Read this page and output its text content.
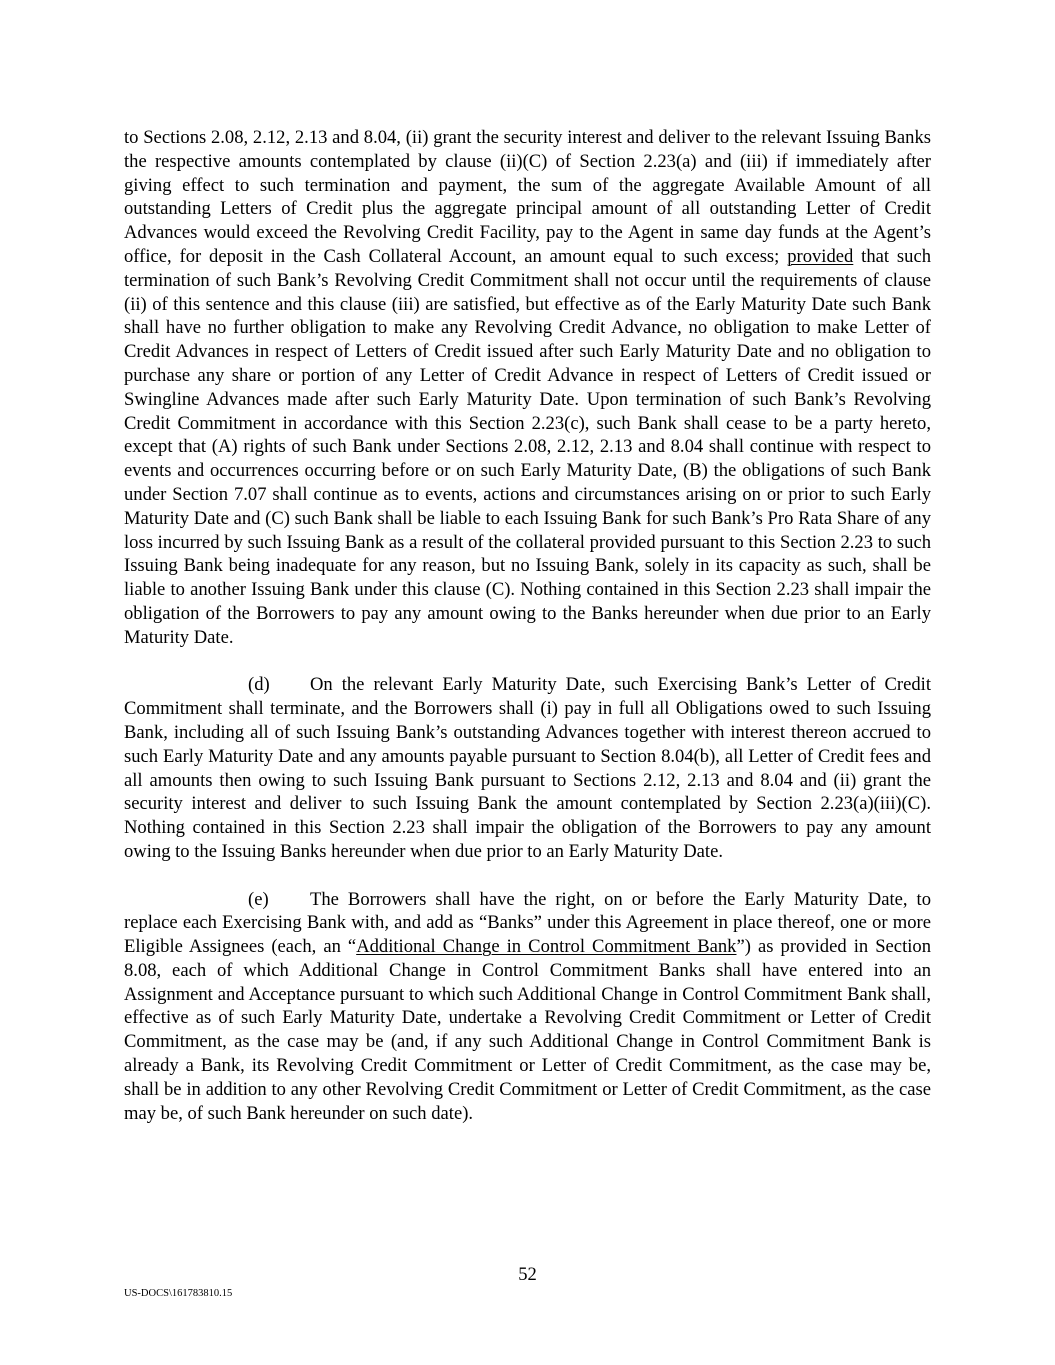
to Sections 2.08, 2.12, 2.13 and 8.04, (ii) grant the security interest and deliver to the relevant Issuing Banks the respective amounts contemplated by clause (ii)(C) of Section 2.23(a) and (iii) if immediately after giving effect to such termination and payment, the sum of the aggregate Available Amount of all outstanding Letters of Credit plus the aggregate principal amount of all outstanding Letter of Credit Advances would exceed the Revolving Credit Facility, pay to the Agent in same day funds at the Agent’s office, for deposit in the Cash Collateral Account, an amount equal to such excess; provided that such termination of such Bank’s Revolving Credit Commitment shall not occur until the requirements of clause (ii) of this sentence and this clause (iii) are satisfied, but effective as of the Early Maturity Date such Bank shall have no further obligation to make any Revolving Credit Advance, no obligation to make Letter of Credit Advances in respect of Letters of Credit issued after such Early Maturity Date and no obligation to purchase any share or portion of any Letter of Credit Advance in respect of Letters of Credit issued or Swingline Advances made after such Early Maturity Date. Upon termination of such Bank’s Revolving Credit Commitment in accordance with this Section 2.23(c), such Bank shall cease to be a party hereto, except that (A) rights of such Bank under Sections 2.08, 2.12, 2.13 and 8.04 shall continue with respect to events and occurrences occurring before or on such Early Maturity Date, (B) the obligations of such Bank under Section 7.07 shall continue as to events, actions and circumstances arising on or prior to such Early Maturity Date and (C) such Bank shall be liable to each Issuing Bank for such Bank’s Pro Rata Share of any loss incurred by such Issuing Bank as a result of the collateral provided pursuant to this Section 2.23 to such Issuing Bank being inadequate for any reason, but no Issuing Bank, solely in its capacity as such, shall be liable to another Issuing Bank under this clause (C). Nothing contained in this Section 2.23 shall impair the obligation of the Borrowers to pay any amount owing to the Banks hereunder when due prior to an Early Maturity Date.

(d) On the relevant Early Maturity Date, such Exercising Bank’s Letter of Credit Commitment shall terminate, and the Borrowers shall (i) pay in full all Obligations owed to such Issuing Bank, including all of such Issuing Bank’s outstanding Advances together with interest thereon accrued to such Early Maturity Date and any amounts payable pursuant to Section 8.04(b), all Letter of Credit fees and all amounts then owing to such Issuing Bank pursuant to Sections 2.12, 2.13 and 8.04 and (ii) grant the security interest and deliver to such Issuing Bank the amount contemplated by Section 2.23(a)(iii)(C). Nothing contained in this Section 2.23 shall impair the obligation of the Borrowers to pay any amount owing to the Issuing Banks hereunder when due prior to an Early Maturity Date.

(e) The Borrowers shall have the right, on or before the Early Maturity Date, to replace each Exercising Bank with, and add as “Banks” under this Agreement in place thereof, one or more Eligible Assignees (each, an “Additional Change in Control Commitment Bank”) as provided in Section 8.08, each of which Additional Change in Control Commitment Banks shall have entered into an Assignment and Acceptance pursuant to which such Additional Change in Control Commitment Bank shall, effective as of such Early Maturity Date, undertake a Revolving Credit Commitment or Letter of Credit Commitment, as the case may be (and, if any such Additional Change in Control Commitment Bank is already a Bank, its Revolving Credit Commitment or Letter of Credit Commitment, as the case may be, shall be in addition to any other Revolving Credit Commitment or Letter of Credit Commitment, as the case may be, of such Bank hereunder on such date).

52
US-DOCS\161783810.15
